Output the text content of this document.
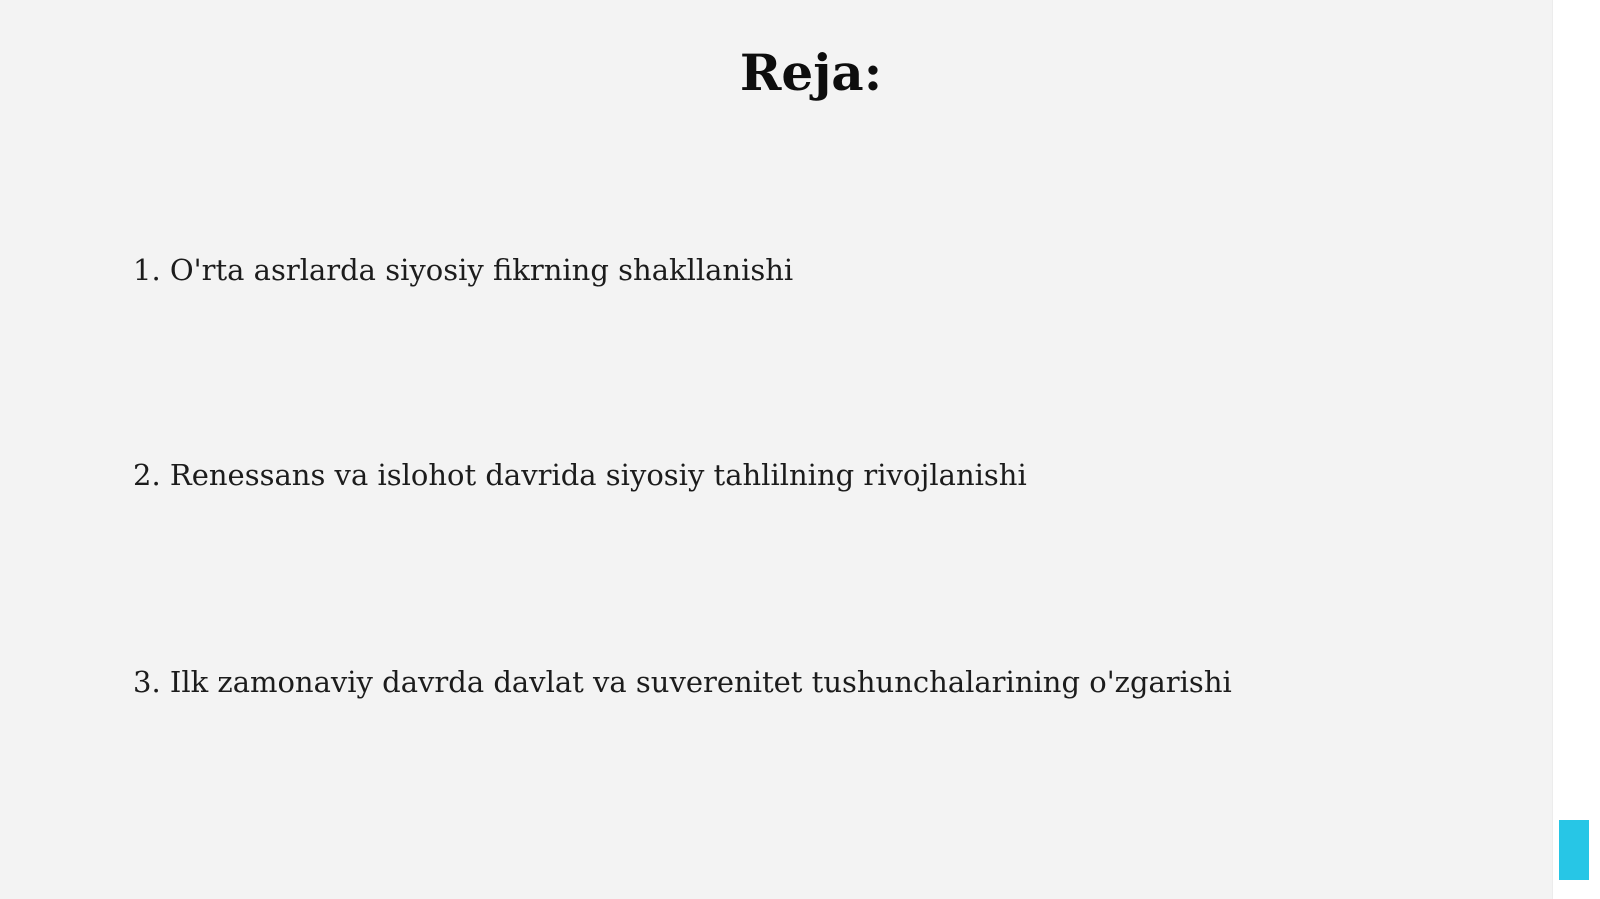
Reja:

1. O'rta asrlarda siyosiy fikrning shakllanishi

2. Renessans va islohot davrida siyosiy tahlilning rivojlanishi

3. Ilk zamonaviy davrda davlat va suverenitet tushunchalarining o'zgarishi
